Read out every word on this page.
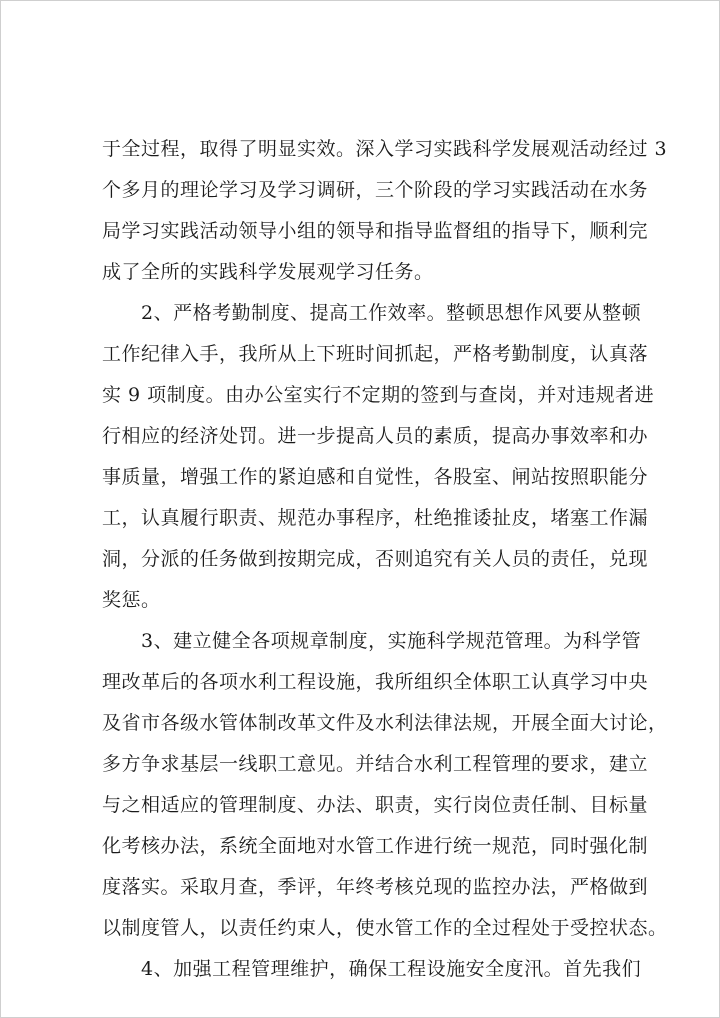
于全过程，取得了明显实效。深入学习实践科学发展观活动经过 3
个多月的理论学习及学习调研，三个阶段的学习实践活动在水务
局学习实践活动领导小组的领导和指导监督组的指导下，顺利完
成了全所的实践科学发展观学习任务。
　　2、严格考勤制度、提高工作效率。整顿思想作风要从整顿
工作纪律入手，我所从上下班时间抓起，严格考勤制度，认真落
实 9 项制度。由办公室实行不定期的签到与查岗，并对违规者进
行相应的经济处罚。进一步提高人员的素质，提高办事效率和办
事质量，增强工作的紧迫感和自觉性，各股室、闸站按照职能分
工，认真履行职责、规范办事程序，杜绝推诿扯皮，堵塞工作漏
洞，分派的任务做到按期完成，否则追究有关人员的责任，兑现
奖惩。
　　3、建立健全各项规章制度，实施科学规范管理。为科学管
理改革后的各项水利工程设施，我所组织全体职工认真学习中央
及省市各级水管体制改革文件及水利法律法规，开展全面大讨论，
多方争求基层一线职工意见。并结合水利工程管理的要求，建立
与之相适应的管理制度、办法、职责，实行岗位责任制、目标量
化考核办法，系统全面地对水管工作进行统一规范，同时强化制
度落实。采取月查，季评，年终考核兑现的监控办法，严格做到
以制度管人，以责任约束人，使水管工作的全过程处于受控状态。
　　4、加强工程管理维护，确保工程设施安全度汛。首先我们
